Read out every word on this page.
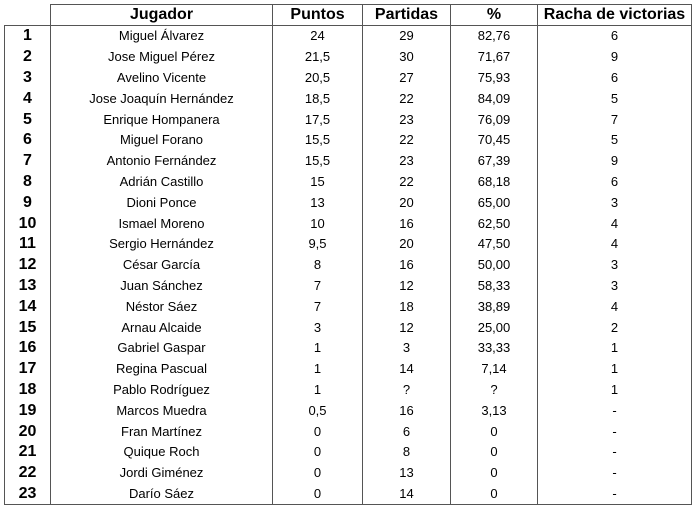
	Jugador	Puntos	Partidas	%	Racha de victorias
1	Miguel Álvarez	24	29	82,76	6
2	Jose Miguel Pérez	21,5	30	71,67	9
3	Avelino Vicente	20,5	27	75,93	6
4	Jose Joaquín Hernández	18,5	22	84,09	5
5	Enrique Hompanera	17,5	23	76,09	7
6	Miguel Forano	15,5	22	70,45	5
7	Antonio Fernández	15,5	23	67,39	9
8	Adrián Castillo	15	22	68,18	6
9	Dioni Ponce	13	20	65,00	3
10	Ismael Moreno	10	16	62,50	4
11	Sergio Hernández	9,5	20	47,50	4
12	César García	8	16	50,00	3
13	Juan Sánchez	7	12	58,33	3
14	Néstor Sáez	7	18	38,89	4
15	Arnau Alcaide	3	12	25,00	2
16	Gabriel Gaspar	1	3	33,33	1
17	Regina Pascual	1	14	7,14	1
18	Pablo Rodríguez	1	?	?	1
19	Marcos Muedra	0,5	16	3,13	-
20	Fran Martínez	0	6	0	-
21	Quique Roch	0	8	0	-
22	Jordi Giménez	0	13	0	-
23	Darío Sáez	0	14	0	-
